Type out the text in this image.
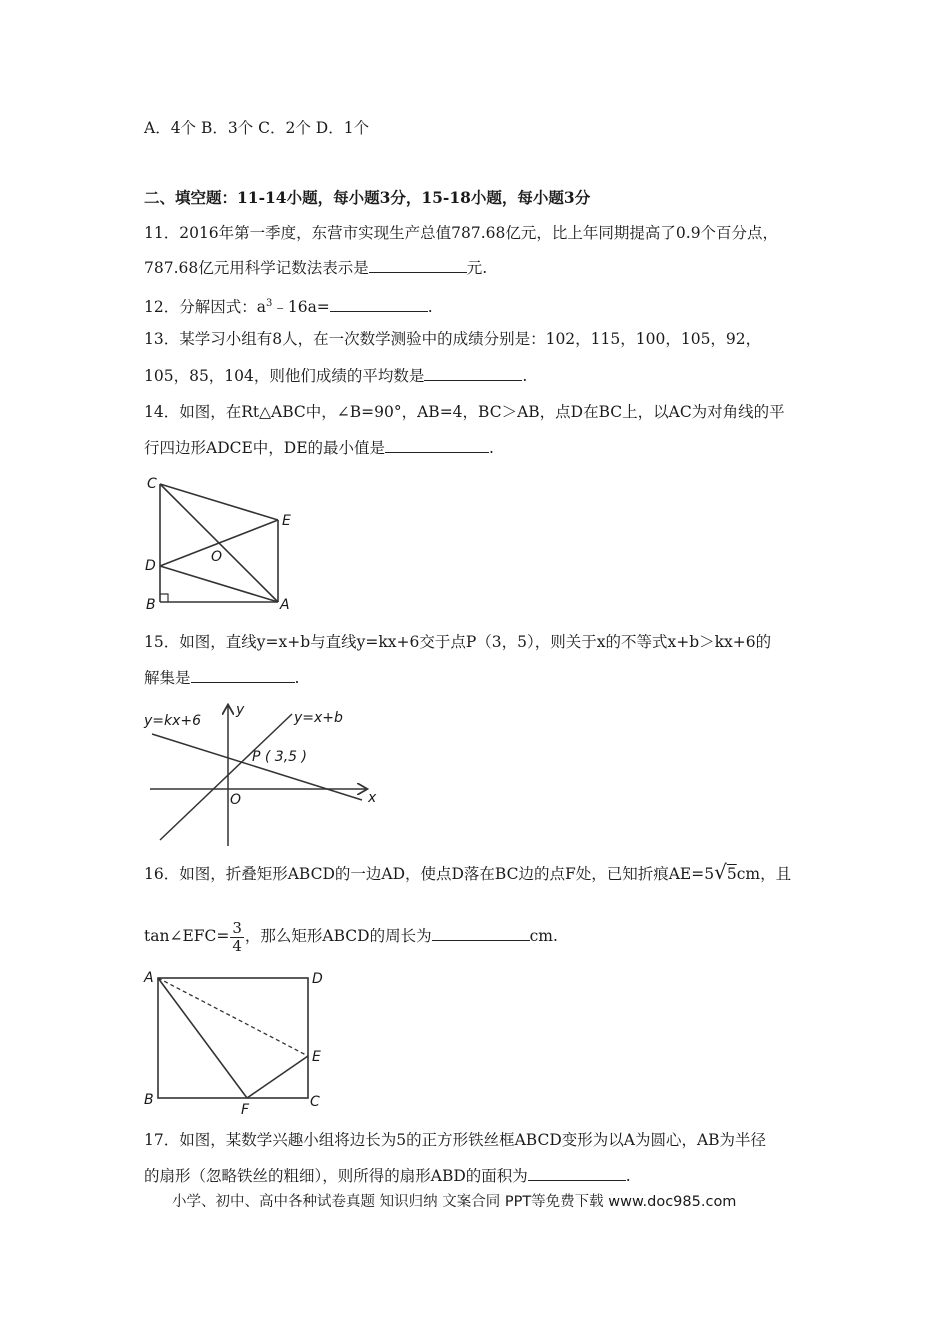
A．4个 B．3个 C．2个 D．1个
二、填空题：11-14小题，每小题3分，15-18小题，每小题3分
11．2016年第一季度，东营市实现生产总值787.68亿元，比上年同期提高了0.9个百分点，
787.68亿元用科学记数法表示是	元.
12．分解因式：$a^3﹣16a=$	.
13．某学习小组有8人，在一次数学测验中的成绩分别是：102，115，100，105，92，
105，85，104，则他们成绩的平均数是	.
14．如图，在Rt△ABC中，∠B=90°，AB=4，BC＞AB，点D在BC上，以AC为对角线的平
行四边形ADCE中，DE的最小值是	.
C
E
O
D
B	A
15．如图，直线y=x+b与直线y=kx+6交于点P（3，5），则关于x的不等式x+b＞kx+6的
解集是	.
y=kx+6	y=x+b
P ( 3,5 )
y
x
O
16．如图，折叠矩形ABCD的一边AD，使点D落在BC边的点F处，已知折痕AE=5√5cm，且
tan∠EFC= $\frac{3}{4}$ ，那么矩形ABCD的周长为	cm.
A	D
E
B
F	C
17．如图，某数学兴趣小组将边长为5的正方形铁丝框ABCD变形为以A为圆心，AB为半径
的扇形（忽略铁丝的粗细），则所得的扇形ABD的面积为	.
小学、初中、高中各种试卷真题 知识归纳 文案合同 PPT等免费下载 www.doc985.com
